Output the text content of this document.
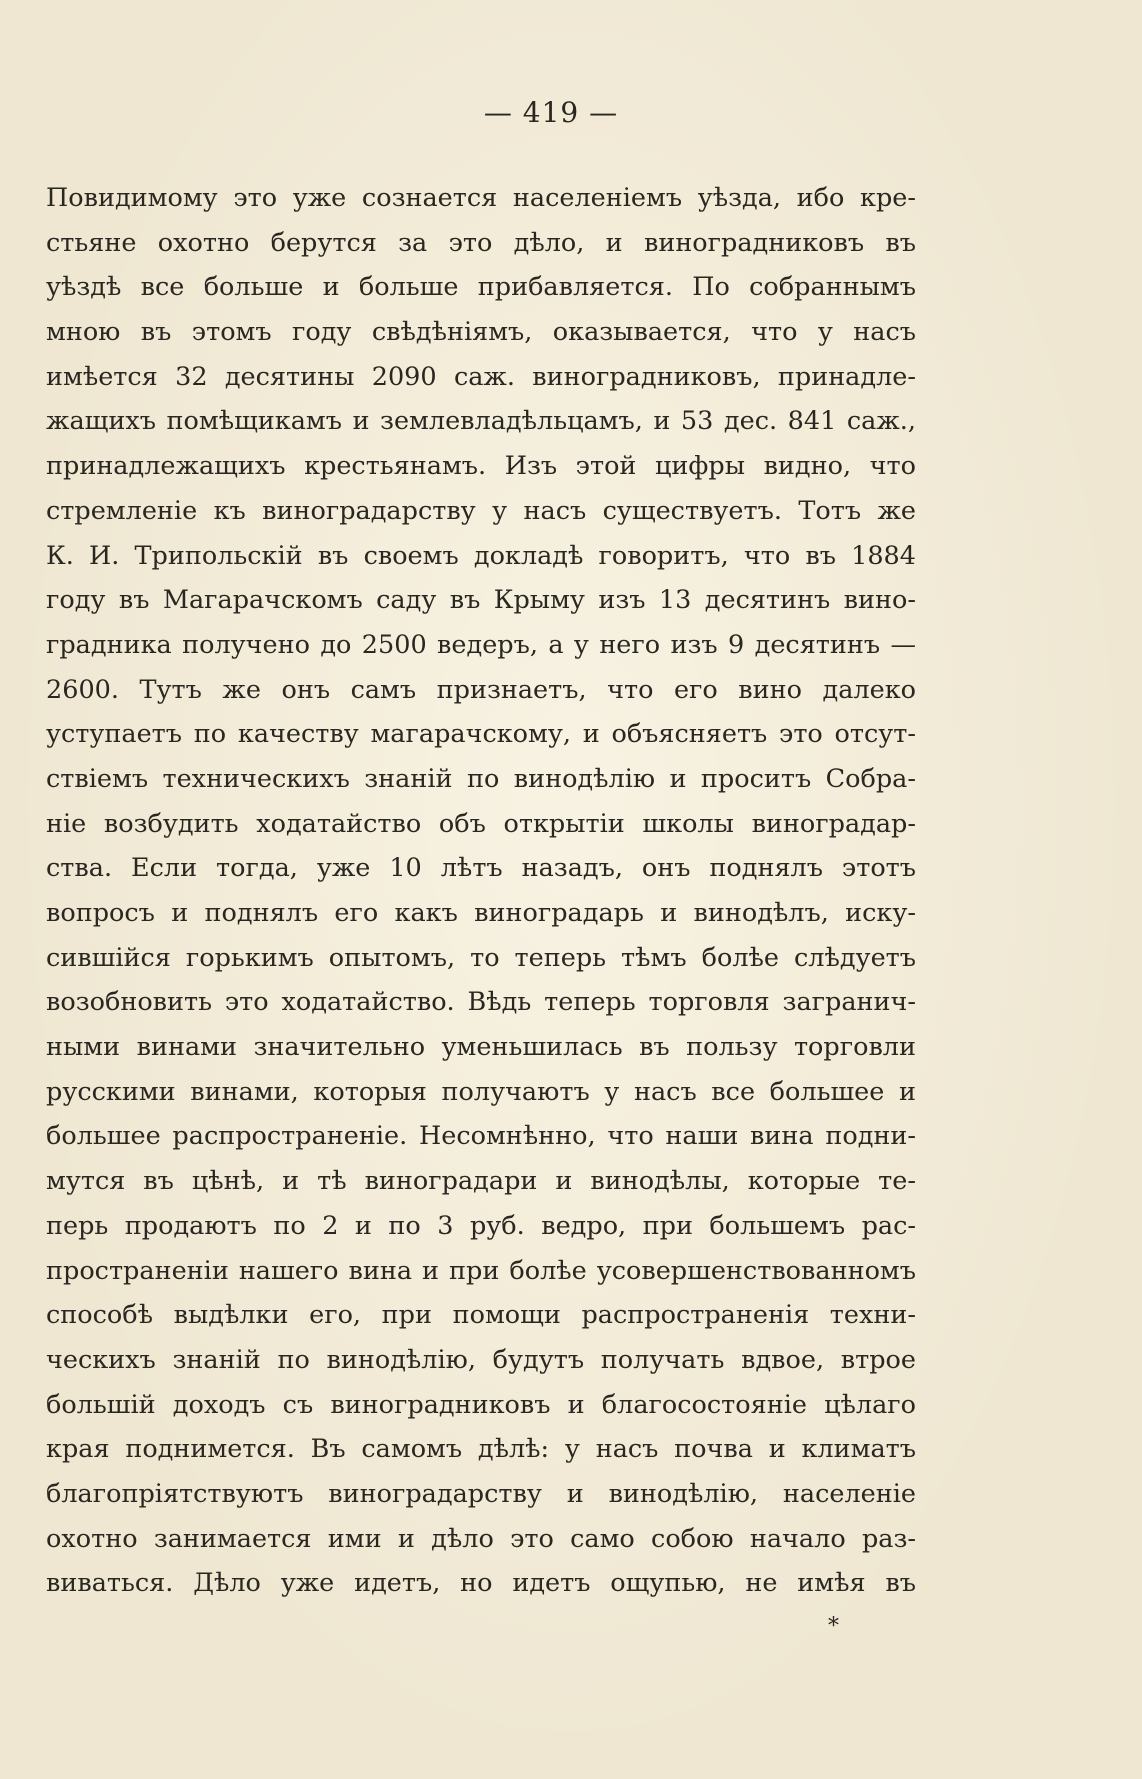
— 419 —
Повидимому это уже сознается населеніемъ уѣзда, ибо кре-
стьяне охотно берутся за это дѣло, и виноградниковъ въ
уѣздѣ все больше и больше прибавляется. По собраннымъ
мною въ этомъ году свѣдѣніямъ, оказывается, что у насъ
имѣется 32 десятины 2090 саж. виноградниковъ, принадле-
жащихъ помѣщикамъ и землевладѣльцамъ, и 53 дес. 841 саж.,
принадлежащихъ крестьянамъ. Изъ этой цифры видно, что
стремленіе къ виноградарству у насъ существуетъ. Тотъ же
К. И. Трипольскій въ своемъ докладѣ говоритъ, что въ 1884
году въ Магарачскомъ саду въ Крыму изъ 13 десятинъ вино-
градника получено до 2500 ведеръ, а у него изъ 9 десятинъ —
2600. Тутъ же онъ самъ признаетъ, что его вино далеко
уступаетъ по качеству магарачскому, и объясняетъ это отсут-
ствіемъ техническихъ знаній по винодѣлію и проситъ Собра-
ніе возбудить ходатайство объ открытіи школы виноградар-
ства. Если тогда, уже 10 лѣтъ назадъ, онъ поднялъ этотъ
вопросъ и поднялъ его какъ виноградарь и винодѣлъ, иску-
сившійся горькимъ опытомъ, то теперь тѣмъ болѣе слѣдуетъ
возобновить это ходатайство. Вѣдь теперь торговля загранич-
ными винами значительно уменьшилась въ пользу торговли
русскими винами, которыя получаютъ у насъ все большее и
большее распространеніе. Несомнѣнно, что наши вина подни-
мутся въ цѣнѣ, и тѣ виноградари и винодѣлы, которые те-
перь продаютъ по 2 и по 3 руб. ведро, при большемъ рас-
пространеніи нашего вина и при болѣе усовершенствованномъ
способѣ выдѣлки его, при помощи распространенія техни-
ческихъ знаній по винодѣлію, будутъ получать вдвое, втрое
большій доходъ съ виноградниковъ и благосостояніе цѣлаго
края поднимется. Въ самомъ дѣлѣ: у насъ почва и климатъ
благопріятствуютъ виноградарству и винодѣлію, населеніе
охотно занимается ими и дѣло это само собою начало раз-
виваться. Дѣло уже идетъ, но идетъ ощупью, не имѣя въ
*
